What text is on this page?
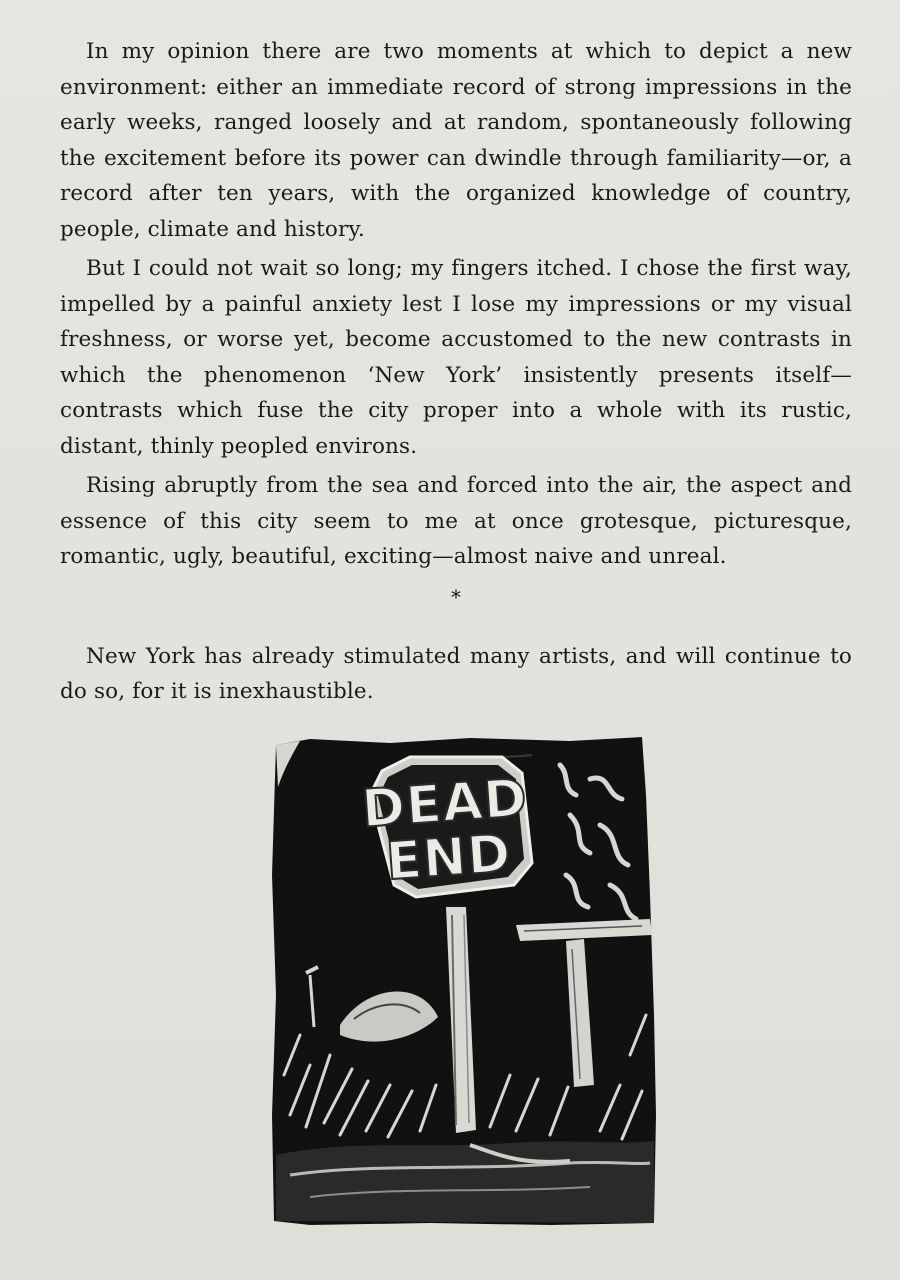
In my opinion there are two moments at which to depict a new environment: either an immediate record of strong impressions in the early weeks, ranged loosely and at random, spontaneously following the excitement before its power can dwindle through familiarity—or, a record after ten years, with the organized knowledge of country, people, climate and history.

But I could not wait so long; my fingers itched. I chose the first way, impelled by a painful anxiety lest I lose my impressions or my visual freshness, or worse yet, become accustomed to the new contrasts in which the phenomenon ‘New York’ insistently presents itself—contrasts which fuse the city proper into a whole with its rustic, distant, thinly peopled environs.

Rising abruptly from the sea and forced into the air, the aspect and essence of this city seem to me at once grotesque, picturesque, romantic, ugly, beautiful, exciting—almost naive and unreal.

*

New York has already stimulated many artists, and will continue to do so, for it is inexhaustible.

DEAD
END
